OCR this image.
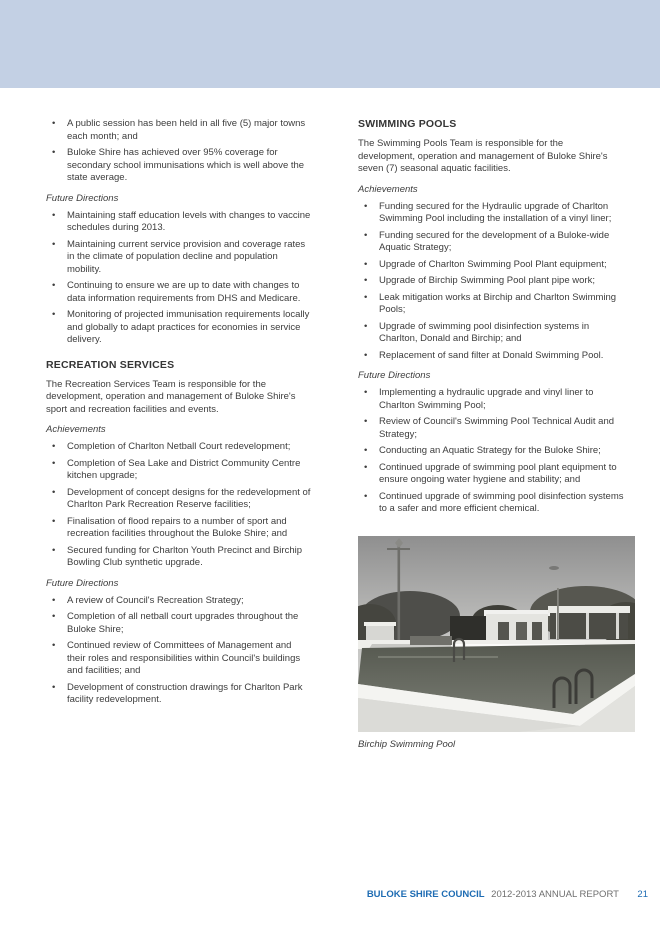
•	A public session has been held in all five (5) major towns each month; and
•	Buloke Shire has achieved over 95% coverage for secondary school immunisations which is well above the state average.
Future Directions
•	Maintaining staff education levels with changes to vaccine schedules during 2013.
•	Maintaining current service provision and coverage rates in the climate of population decline and population mobility.
•	Continuing to ensure we are up to date with changes to data information requirements from DHS and Medicare.
•	Monitoring of projected immunisation requirements locally and globally to adapt practices for economies in service delivery.
RECREATION SERVICES

The Recreation Services Team is responsible for the development, operation and management of Buloke Shire's sport and recreation facilities and events.

Achievements
•	Completion of Charlton Netball Court redevelopment;
•	Completion of Sea Lake and District Community Centre kitchen upgrade;
•	Development of concept designs for the redevelopment of Charlton Park Recreation Reserve facilities;
•	Finalisation of flood repairs to a number of sport and recreation facilities throughout the Buloke Shire; and
•	Secured funding for Charlton Youth Precinct and Birchip Bowling Club synthetic upgrade.
Future Directions
•	A review of Council's Recreation Strategy;
•	Completion of all netball court upgrades throughout the Buloke Shire;
•	Continued review of Committees of Management and their roles and responsibilities within Council's buildings and facilities; and
•	Development of construction drawings for Charlton Park facility redevelopment.
SWIMMING POOLS

The Swimming Pools Team is responsible for the development, operation and management of Buloke Shire's seven (7) seasonal aquatic facilities.

Achievements
•	Funding secured for the Hydraulic upgrade of Charlton Swimming Pool including the installation of a vinyl liner;
•	Funding secured for the development of a Buloke-wide Aquatic Strategy;
•	Upgrade of Charlton Swimming Pool Plant equipment;
•	Upgrade of Birchip Swimming Pool plant pipe work;
•	Leak mitigation works at Birchip and Charlton Swimming Pools;
•	Upgrade of swimming pool disinfection systems in Charlton, Donald and Birchip; and
•	Replacement of sand filter at Donald Swimming Pool.
Future Directions
•	Implementing a hydraulic upgrade and vinyl liner to Charlton Swimming Pool;
•	Review of Council's Swimming Pool Technical Audit and Strategy;
•	Conducting an Aquatic Strategy for the Buloke Shire;
•	Continued upgrade of swimming pool plant equipment to ensure ongoing water hygiene and stability; and
•	Continued upgrade of swimming pool disinfection systems to a safer and more efficient chemical.
Birchip Swimming Pool
BULOKE SHIRE COUNCIL 2012-2013 ANNUAL REPORT 21
